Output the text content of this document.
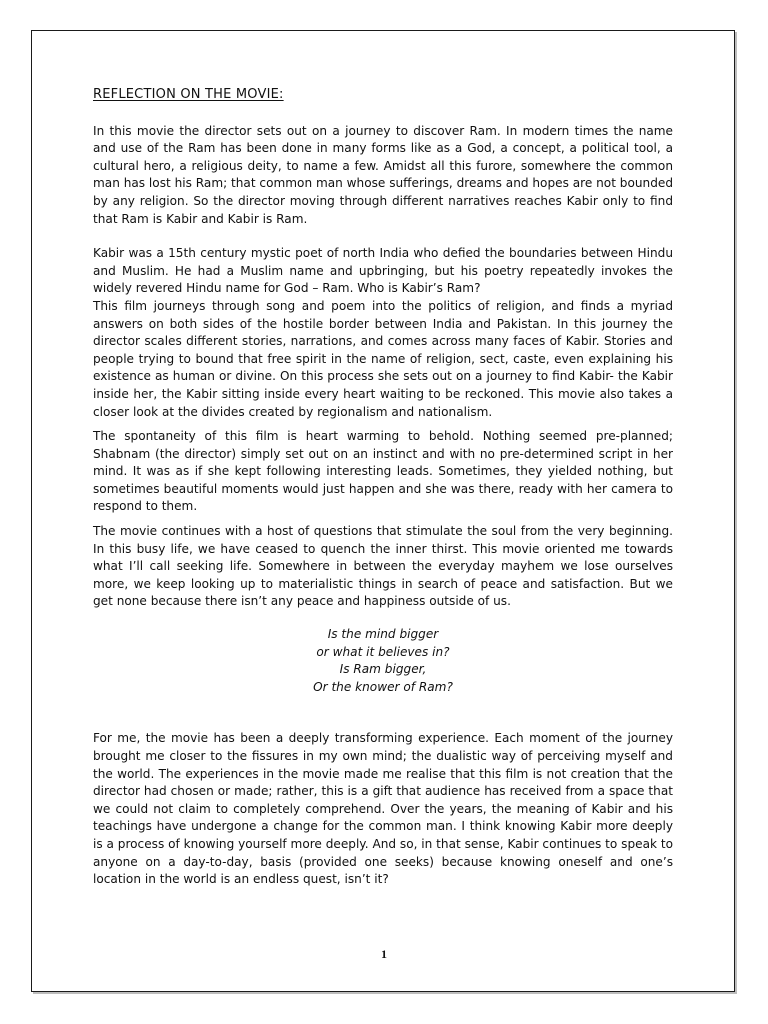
REFLECTION ON THE MOVIE:

In this movie the director sets out on a journey to discover Ram. In modern times the name and use of the Ram has been done in many forms like as a God, a concept, a political tool, a cultural hero, a religious deity, to name a few. Amidst all this furore, somewhere the common man has lost his Ram; that common man whose sufferings, dreams and hopes are not bounded by any religion. So the director moving through different narratives reaches Kabir only to find that Ram is Kabir and Kabir is Ram.

Kabir was a 15th century mystic poet of north India who defied the boundaries between Hindu and Muslim. He had a Muslim name and upbringing, but his poetry repeatedly invokes the widely revered Hindu name for God – Ram. Who is Kabir’s Ram?

This film journeys through song and poem into the politics of religion, and finds a myriad answers on both sides of the hostile border between India and Pakistan. In this journey the director scales different stories, narrations, and comes across many faces of Kabir. Stories and people trying to bound that free spirit in the name of religion, sect, caste, even explaining his existence as human or divine. On this process she sets out on a journey to find Kabir- the Kabir inside her, the Kabir sitting inside every heart waiting to be reckoned. This movie also takes a closer look at the divides created by regionalism and nationalism.

The spontaneity of this film is heart warming to behold. Nothing seemed pre-planned; Shabnam (the director) simply set out on an instinct and with no pre-determined script in her mind. It was as if she kept following interesting leads. Sometimes, they yielded nothing, but sometimes beautiful moments would just happen and she was there, ready with her camera to respond to them.

The movie continues with a host of questions that stimulate the soul from the very beginning. In this busy life, we have ceased to quench the inner thirst. This movie oriented me towards what I’ll call seeking life. Somewhere in between the everyday mayhem we lose ourselves more, we keep looking up to materialistic things in search of peace and satisfaction. But we get none because there isn’t any peace and happiness outside of us.

Is the mind bigger
or what it believes in?
Is Ram bigger,
Or the knower of Ram?

For me, the movie has been a deeply transforming experience. Each moment of the journey brought me closer to the fissures in my own mind; the dualistic way of perceiving myself and the world. The experiences in the movie made me realise that this film is not creation that the director had chosen or made; rather, this is a gift that audience has received from a space that we could not claim to completely comprehend. Over the years, the meaning of Kabir and his teachings have undergone a change for the common man. I think knowing Kabir more deeply is a process of knowing yourself more deeply. And so, in that sense, Kabir continues to speak to anyone on a day-to-day, basis (provided one seeks) because knowing oneself and one’s location in the world is an endless quest, isn’t it?

1
